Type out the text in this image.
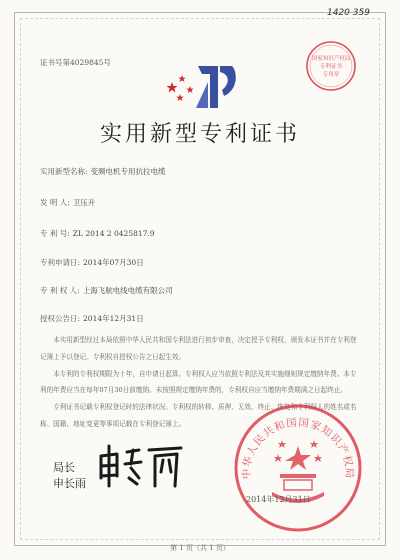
1420 359
证书号第4029845号	国家知识产权局
专利证书
专用章
实用新型专利证书
实用新型名称: 变频电机专用抗拉电缆
发 明 人: 卫压升
专 利 号: ZL 2014 2 0425817.9
专利申请日: 2014年07月30日
专 利 权 人: 上海飞航电线电缆有限公司
授权公告日: 2014年12月31日

本实用新型经过本局依照中华人民共和国专利法进行初步审查，决定授予专利权，颁发本证书并在专利登记簿上予以登记。专利权自授权公告之日起生效。

本专利的专利权期限为十年，自申请日起算。专利权人应当依照专利法及其实施细则规定缴纳年费。本专利的年费应当在每年07月30日前缴纳。未按照规定缴纳年费的，专利权自应当缴纳年费期满之日起终止。

专利证书记载专利权登记时的法律状况。专利权的转移、质押、无效、终止、恢复和专利权人的姓名或名称、国籍、地址变更等事项记载在专利登记簿上。

中华人民共和国国家知识产权局
局长
申长雨
2014年12月31日
第 1 页（共 1 页）
